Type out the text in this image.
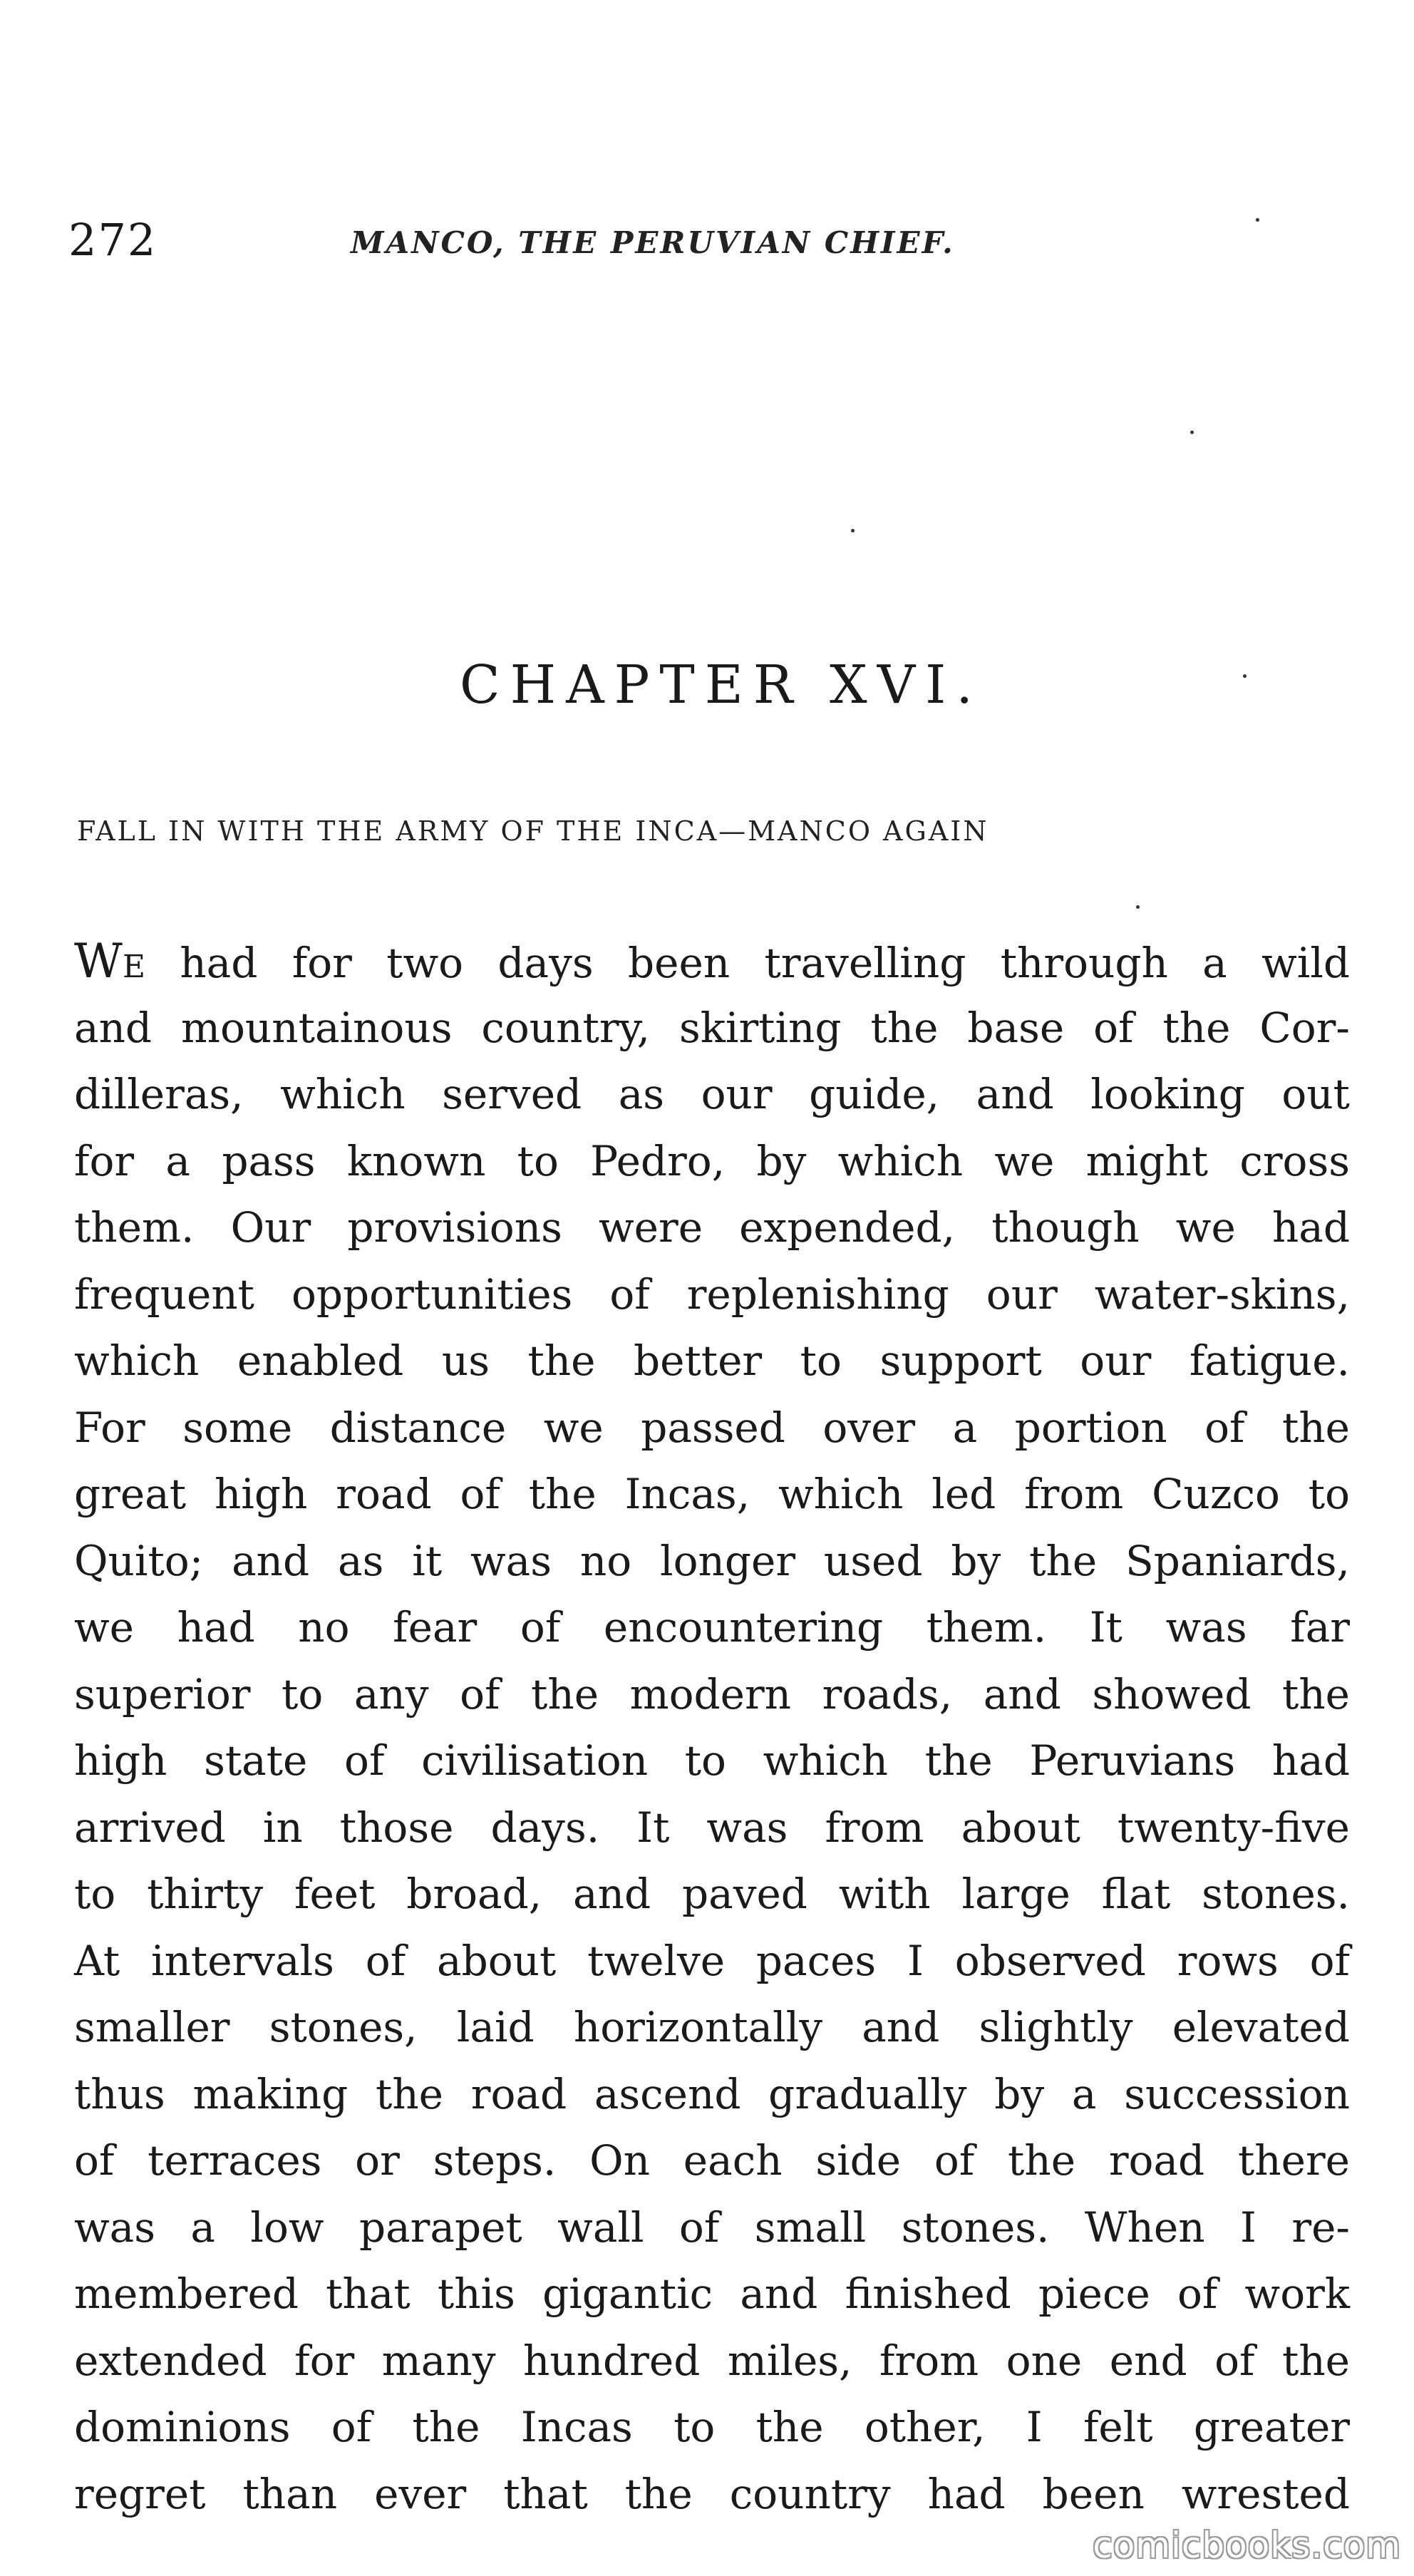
272	MANCO, THE PERUVIAN CHIEF.
CHAPTER XVI.
FALL IN WITH THE ARMY OF THE INCA—MANCO AGAIN
WE had for two days been travelling through a wild
and mountainous country, skirting the base of the Cor-
dilleras, which served as our guide, and looking out
for a pass known to Pedro, by which we might cross
them. Our provisions were expended, though we had
frequent opportunities of replenishing our water-skins,
which enabled us the better to support our fatigue.
For some distance we passed over a portion of the
great high road of the Incas, which led from Cuzco to
Quito; and as it was no longer used by the Spaniards,
we had no fear of encountering them. It was far
superior to any of the modern roads, and showed the
high state of civilisation to which the Peruvians had
arrived in those days. It was from about twenty-five
to thirty feet broad, and paved with large flat stones.
At intervals of about twelve paces I observed rows of
smaller stones, laid horizontally and slightly elevated
thus making the road ascend gradually by a succession
of terraces or steps. On each side of the road there
was a low parapet wall of small stones. When I re-
membered that this gigantic and finished piece of work
extended for many hundred miles, from one end of the
dominions of the Incas to the other, I felt greater
regret than ever that the country had been wrested
comicbooks.com
